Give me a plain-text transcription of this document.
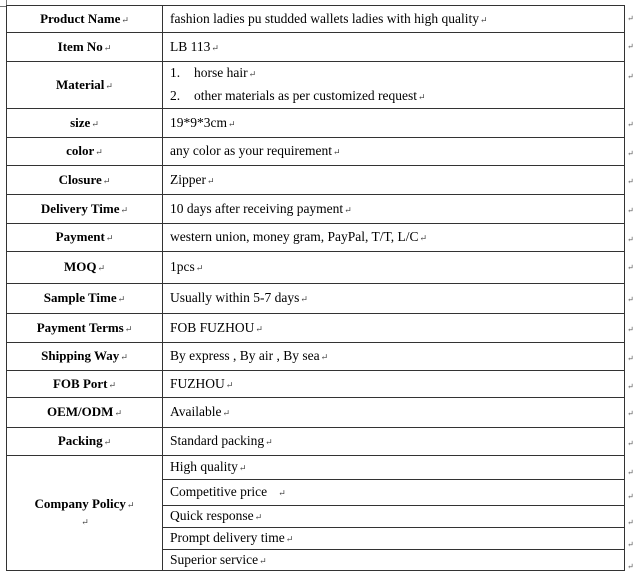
Product Name↵	fashion ladies pu studded wallets ladies with high quality↵
Item No↵	LB 113↵
Material↵	1. horse hair↵
2. other materials as per customized request↵

size↵	19*9*3cm↵
color↵	any color as your requirement↵
Closure↵	Zipper↵
Delivery Time↵	10 days after receiving payment↵
Payment↵	western union, money gram, PayPal, T/T, L/C↵
MOQ↵	1pcs↵
Sample Time↵	Usually within 5-7 days↵
Payment Terms↵	FOB FUZHOU↵
Shipping Way↵	By express , By air , By sea↵
FOB Port↵	FUZHOU↵
OEM/ODM↵	Available↵
Packing↵	Standard packing↵
Company Policy↵
↵	High quality↵
	Competitive price ↵
	Quick response↵
	Prompt delivery time↵
	Superior service↵
↵
↵
↵
↵
↵
↵
↵
↵
↵
↵
↵
↵
↵
↵
↵
↵
↵
↵
↵
↵
